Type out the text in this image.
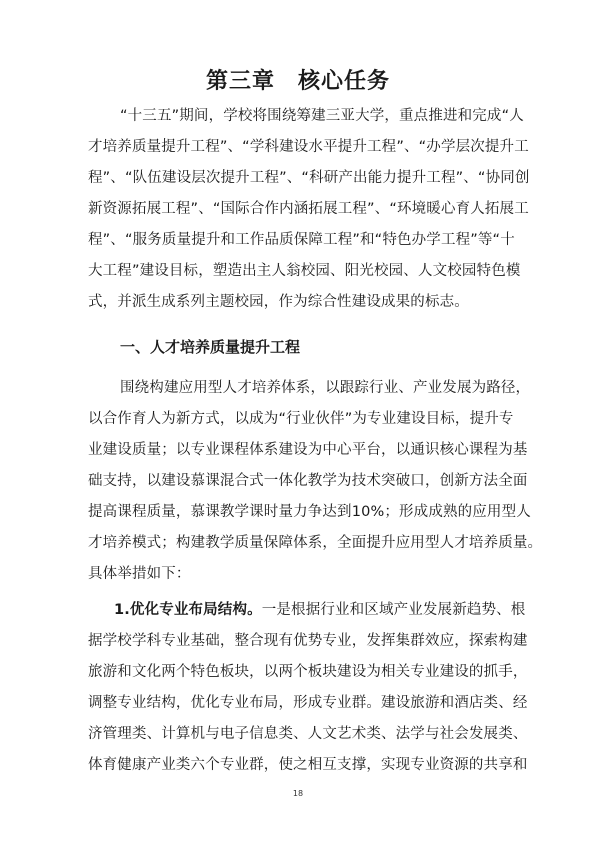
第三章　核心任务
“十三五”期间，学校将围绕筹建三亚大学，重点推进和完成“人
才培养质量提升工程”、“学科建设水平提升工程”、“办学层次提升工
程”、“队伍建设层次提升工程”、“科研产出能力提升工程”、“协同创
新资源拓展工程”、“国际合作内涵拓展工程”、“环境暖心育人拓展工
程”、“服务质量提升和工作品质保障工程”和“特色办学工程”等“十
大工程”建设目标，塑造出主人翁校园、阳光校园、人文校园特色模
式，并派生成系列主题校园，作为综合性建设成果的标志。
一、人才培养质量提升工程
围绕构建应用型人才培养体系，以跟踪行业、产业发展为路径，
以合作育人为新方式，以成为“行业伙伴”为专业建设目标，提升专
业建设质量；以专业课程体系建设为中心平台，以通识核心课程为基
础支持，以建设慕课混合式一体化教学为技术突破口，创新方法全面
提高课程质量，慕课教学课时量力争达到10%；形成成熟的应用型人
才培养模式；构建教学质量保障体系，全面提升应用型人才培养质量。
具体举措如下：
1.优化专业布局结构。一是根据行业和区域产业发展新趋势、根
据学校学科专业基础，整合现有优势专业，发挥集群效应，探索构建
旅游和文化两个特色板块，以两个板块建设为相关专业建设的抓手，
调整专业结构，优化专业布局，形成专业群。建设旅游和酒店类、经
济管理类、计算机与电子信息类、人文艺术类、法学与社会发展类、
体育健康产业类六个专业群，使之相互支撑，实现专业资源的共享和
18
